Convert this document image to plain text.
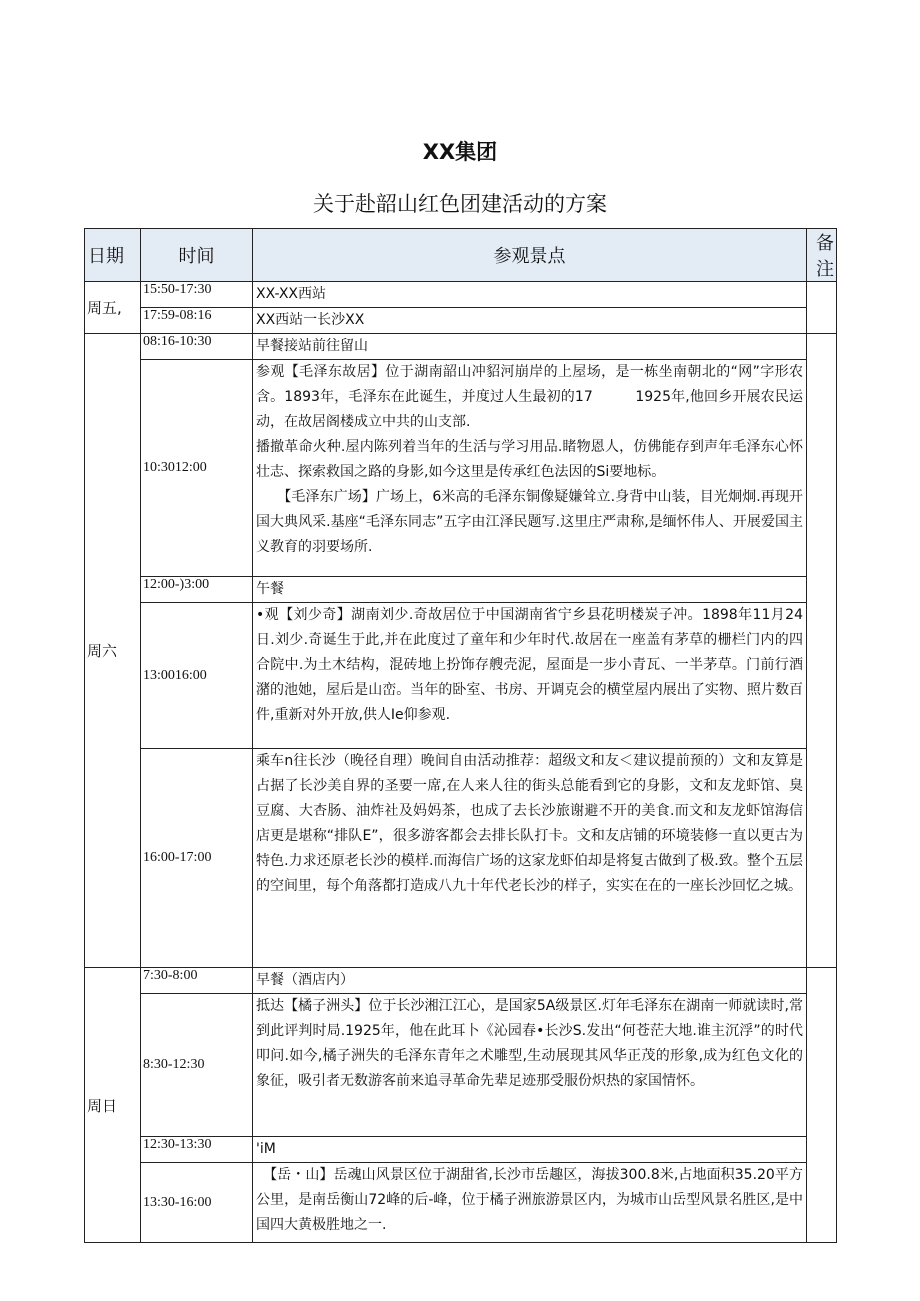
XX集团
关于赴韶山红色团建活动的方案
日期	时间	参观景点	备注
周五,	15:50-17:30	XX-XX西站	

	17:59-08:16	XX西站一长沙XX	

周六	08:16-10:30	早餐接站前往留山	

	10:3012:00	参观【毛泽东故居】位于湖南韶山冲貂河崩岸的上屋场，是一栋坐南朝北的“网”字形农含。1893年，毛泽东在此诞生，并度过人生最初的17　　　1925年,他回乡开展农民运动，在故居阁楼成立中共的山支部.
播撤革命火种.屋内陈列着当年的生活与学习用品.睹物恩人，仿佛能存到声年毛泽东心怀壮志、探索救国之路的身影,如今这里是传承红色法因的Si要地标。
　　【毛泽东广场】广场上，6米高的毛泽东铜像疑嫌耸立.身背中山装，目光炯炯.再现开国大典风采.基座“毛泽东同志”五字由江泽民题写.这里庄严肃称,是缅怀伟人、开展爱国主义教育的羽要场所.	

	12:00-)3:00	午餐	

	13:0016:00	•观【刘少奇】湖南刘少.奇故居位于中国湖南省宁乡县花明楼炭子冲。1898年11月24日.刘少.奇诞生于此,并在此度过了童年和少年时代.故居在一座盖有茅草的栅栏门内的四合院中.为土木结构，混砖地上扮饰存艘壳泥，屋面是一步小青瓦、一半茅草。门前行酒潴的池她，屋后是山峦。当年的卧室、书房、开调克会的横堂屋内展出了实物、照片数百件,重新对外开放,供人Ie仰参观.	

	16:00-17:00	乘车n往长沙（晚径自理）晚间自由活动推荐：超级文和友＜建议提前预的）文和友算是占据了长沙美自界的圣要一席,在人来人往的街头总能看到它的身影，文和友龙虾馆、臭豆腐、大杏肠、油炸社及妈妈茶，也成了去长沙旅谢避不开的美食.而文和友龙虾馆海信店更是堪称“排队E”，很多游客都会去排长队打卡。文和友店铺的环境装修一直以更古为特色.力求还原老长沙的模样.而海信广场的这家龙虾伯却是将复古做到了极.致。整个五层的空间里，每个角落都打造成八九十年代老长沙的样子，实实在在的一座长沙回忆之城。	

周日	7:30-8:00	早餐（酒店内）	

	8:30-12:30	抵达【橘子洲头】位于长沙湘江江心，是国家5A级景区.灯年毛泽东在湖南一师就读时,常到此评判时局.1925年，他在此耳卜《沁园春•长沙S.发出“何苍茫大地.谁主沉浮”的时代叩问.如今,橘子洲失的毛泽东青年之术雕型,生动展现其风华正茂的形象,成为红色文化的象征，吸引者无数游客前来追寻革命先辈足迹那受服份炽热的家国情怀。	

	12:30-13:30	'iM	

	13:30-16:00	　【岳・山】岳魂山风景区位于湖甜省,长沙市岳趣区，海拔300.8米,占地面积35.20平方公里，是南岳衡山72峰的后-峰，位于橘子洲旅游景区内，为城市山岳型风景名胜区,是中国四大黄极胜地之一.	
